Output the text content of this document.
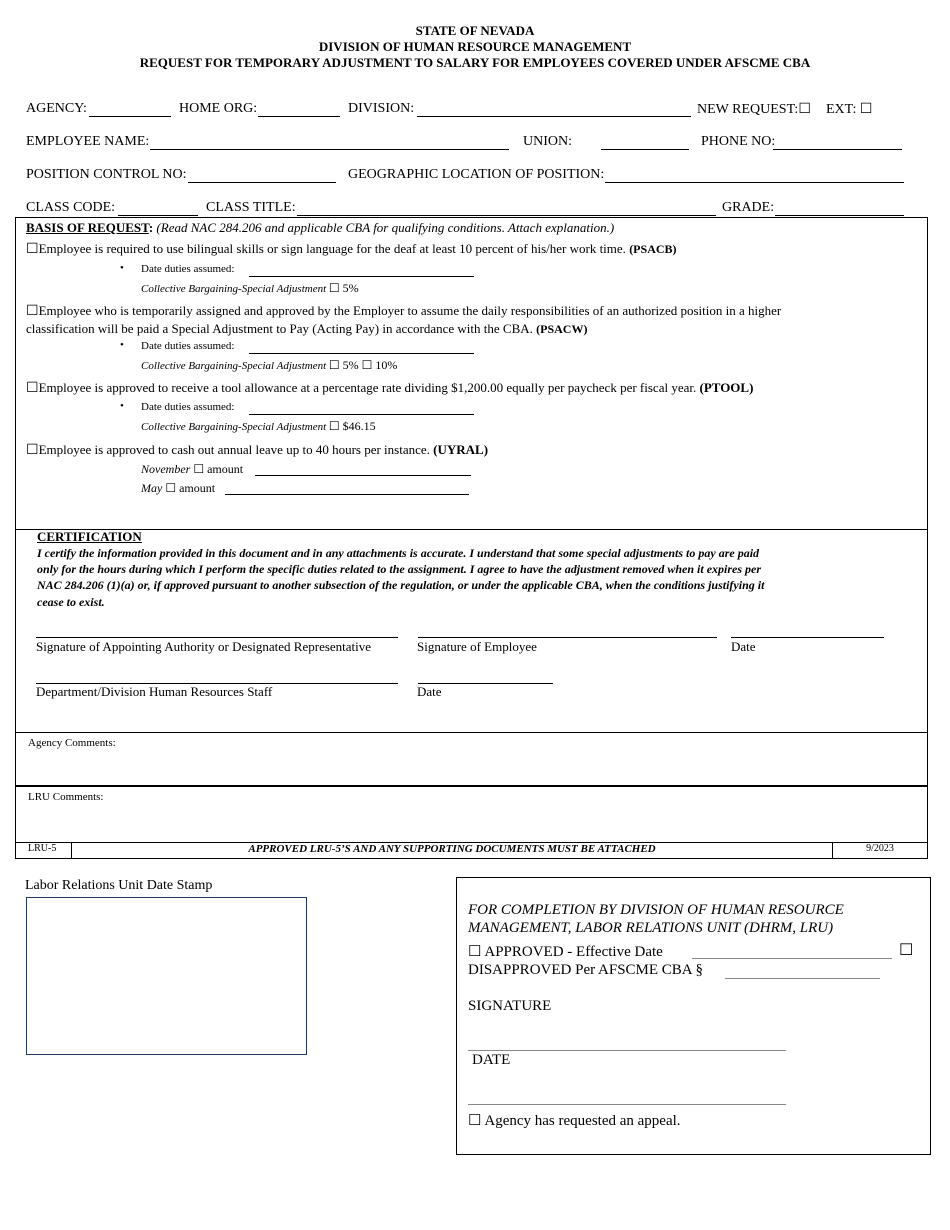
STATE OF NEVADA
DIVISION OF HUMAN RESOURCE MANAGEMENT
REQUEST FOR TEMPORARY ADJUSTMENT TO SALARY FOR EMPLOYEES COVERED UNDER AFSCME CBA
AGENCY:	HOME ORG:	DIVISION:	NEW REQUEST:☐ EXT: ☐
EMPLOYEE NAME:	UNION:	PHONE NO:
POSITION CONTROL NO:	GEOGRAPHIC LOCATION OF POSITION:
CLASS CODE:	CLASS TITLE:	GRADE:
BASIS OF REQUEST: (Read NAC 284.206 and applicable CBA for qualifying conditions. Attach explanation.)
☐Employee is required to use bilingual skills or sign language for the deaf at least 10 percent of his/her work time. (PSACB)
• Date duties assumed:
Collective Bargaining-Special Adjustment ☐ 5%
☐Employee who is temporarily assigned and approved by the Employer to assume the daily responsibilities of an authorized position in a higher
classification will be paid a Special Adjustment to Pay (Acting Pay) in accordance with the CBA. (PSACW)
• Date duties assumed:
Collective Bargaining-Special Adjustment ☐ 5% ☐ 10%
☐Employee is approved to receive a tool allowance at a percentage rate dividing $1,200.00 equally per paycheck per fiscal year. (PTOOL)
• Date duties assumed:
Collective Bargaining-Special Adjustment ☐ $46.15
☐Employee is approved to cash out annual leave up to 40 hours per instance. (UYRAL)
November ☐ amount
May ☐ amount
CERTIFICATION
I certify the information provided in this document and in any attachments is accurate. I understand that some special adjustments to pay are paid
only for the hours during which I perform the specific duties related to the assignment. I agree to have the adjustment removed when it expires per
NAC 284.206 (1)(a) or, if approved pursuant to another subsection of the regulation, or under the applicable CBA, when the conditions justifying it
cease to exist.
Signature of Appointing Authority or Designated Representative	Signature of Employee	Date
Department/Division Human Resources Staff	Date
Agency Comments:
LRU Comments:
LRU-5	APPROVED LRU-5’S AND ANY SUPPORTING DOCUMENTS MUST BE ATTACHED	9/2023
Labor Relations Unit Date Stamp
FOR COMPLETION BY DIVISION OF HUMAN RESOURCE
MANAGEMENT, LABOR RELATIONS UNIT (DHRM, LRU)
☐ APPROVED - Effective Date	☐
DISAPPROVED Per AFSCME CBA §
SIGNATURE
DATE
☐ Agency has requested an appeal.
